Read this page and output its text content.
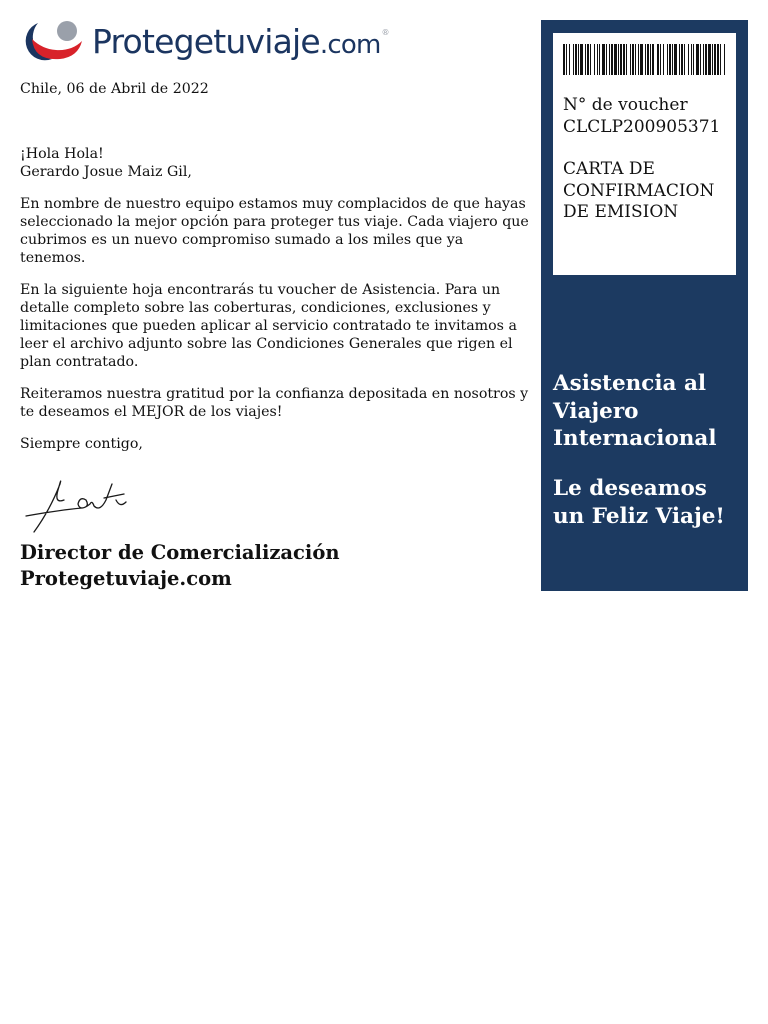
Protegetuviaje.com®

Chile, 06 de Abril de 2022

¡Hola Hola!

Gerardo Josue Maiz Gil,

En nombre de nuestro equipo estamos muy complacidos de que hayas seleccionado la mejor opción para proteger tus viaje. Cada viajero que cubrimos es un nuevo compromiso sumado a los miles que ya tenemos.

En la siguiente hoja encontrarás tu voucher de Asistencia. Para un detalle completo sobre las coberturas, condiciones, exclusiones y limitaciones que pueden aplicar al servicio contratado te invitamos a leer el archivo adjunto sobre las Condiciones Generales que rigen el plan contratado.

Reiteramos nuestra gratitud por la confianza depositada en nosotros y te deseamos el MEJOR de los viajes!

Siempre contigo,

Director de Comercialización
Protegetuviaje.com
N° de voucher
CLCLP200905371
CARTA DE
CONFIRMACION
DE EMISION
Asistencia al
Viajero
Internacional
Le deseamos
un Feliz Viaje!
